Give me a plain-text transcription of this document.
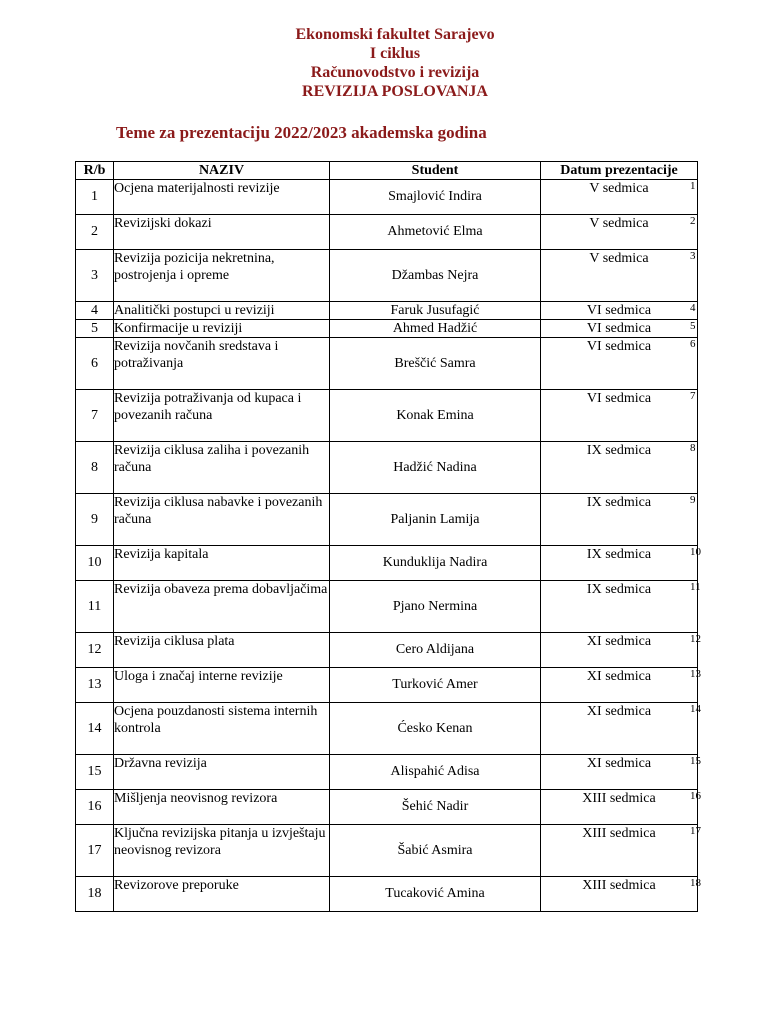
Ekonomski fakultet Sarajevo
I ciklus
Računovodstvo i revizija
REVIZIJA POSLOVANJA
Teme za prezentaciju 2022/2023 akademska godina
R/b	NAZIV	Student	Datum prezentacije
1	Ocjena materijalnosti revizije	Smajlović Indira	V sedmica
2	Revizijski dokazi	Ahmetović Elma	V sedmica
3	Revizija pozicija nekretnina, postrojenja i opreme	Džambas Nejra	V sedmica
4	Analitički postupci u reviziji	Faruk Jusufagić	VI sedmica
5	Konfirmacije u reviziji	Ahmed Hadžić	VI sedmica
6	Revizija novčanih sredstava i potraživanja	Breščić Samra	VI sedmica
7	Revizija potraživanja od kupaca i povezanih računa	Konak Emina	VI sedmica
8	Revizija ciklusa zaliha i povezanih računa	Hadžić Nadina	IX sedmica
9	Revizija ciklusa nabavke i povezanih računa	Paljanin Lamija	IX sedmica
10	Revizija kapitala	Kunduklija Nadira	IX sedmica
11	Revizija obaveza prema dobavljačima	Pjano Nermina	IX sedmica
12	Revizija ciklusa plata	Cero Aldijana	XI sedmica
13	Uloga i značaj interne revizije	Turković Amer	XI sedmica
14	Ocjena pouzdanosti sistema internih kontrola	Ćesko Kenan	XI sedmica
15	Državna revizija	Alispahić Adisa	XI sedmica
16	Mišljenja neovisnog revizora	Šehić Nadir	XIII sedmica
17	Ključna revizijska pitanja u izvještaju neovisnog revizora	Šabić Asmira	XIII sedmica
18	Revizorove preporuke	Tucaković Amina	XIII sedmica
1
2
3
4
5
6
7
8
9
10
11
12
13
14
15
16
17
18
